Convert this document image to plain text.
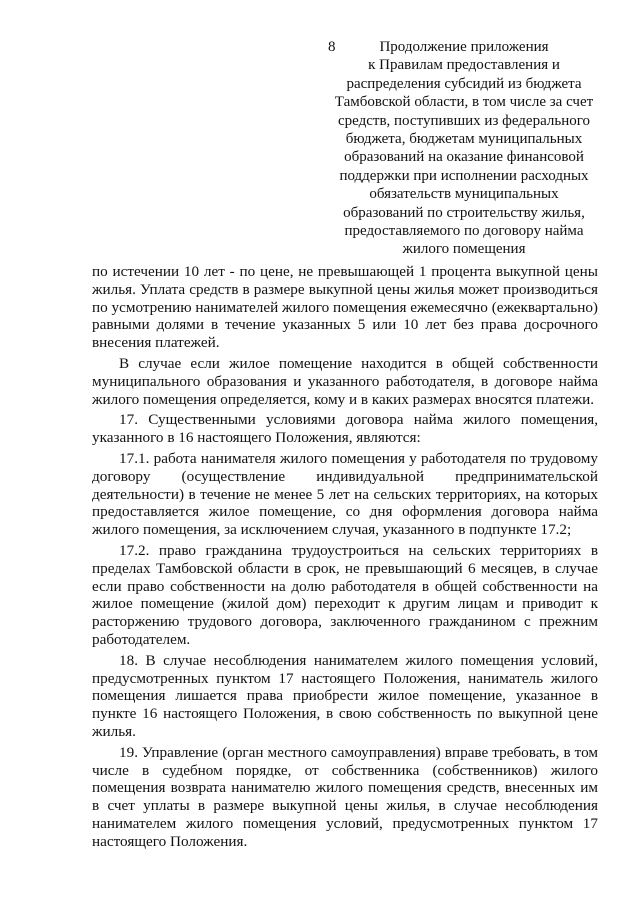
8	Продолжение приложения
к Правилам предоставления и
распределения субсидий из бюджета
Тамбовской области, в том числе за счет
средств, поступивших из федерального
бюджета, бюджетам муниципальных
образований на оказание финансовой
поддержки при исполнении расходных
обязательств муниципальных
образований по строительству жилья,
предоставляемого по договору найма
жилого помещения

по истечении 10 лет - по цене, не превышающей 1 процента выкупной цены жилья. Уплата средств в размере выкупной цены жилья может производиться по усмотрению нанимателей жилого помещения ежемесячно (ежеквартально) равными долями в течение указанных 5 или 10 лет без права досрочного внесения платежей.

В случае если жилое помещение находится в общей собственности муниципального образования и указанного работодателя, в договоре найма жилого помещения определяется, кому и в каких размерах вносятся платежи.

17. Существенными условиями договора найма жилого помещения, указанного в 16 настоящего Положения, являются:

17.1. работа нанимателя жилого помещения у работодателя по трудовому договору (осуществление индивидуальной предпринимательской деятельности) в течение не менее 5 лет на сельских территориях, на которых предоставляется жилое помещение, со дня оформления договора найма жилого помещения, за исключением случая, указанного в подпункте 17.2;

17.2. право гражданина трудоустроиться на сельских территориях в пределах Тамбовской области в срок, не превышающий 6 месяцев, в случае если право собственности на долю работодателя в общей собственности на жилое помещение (жилой дом) переходит к другим лицам и приводит к расторжению трудового договора, заключенного гражданином с прежним работодателем.

18. В случае несоблюдения нанимателем жилого помещения условий, предусмотренных пунктом 17 настоящего Положения, наниматель жилого помещения лишается права приобрести жилое помещение, указанное в пункте 16 настоящего Положения, в свою собственность по выкупной цене жилья.

19. Управление (орган местного самоуправления) вправе требовать, в том числе в судебном порядке, от собственника (собственников) жилого помещения возврата нанимателю жилого помещения средств, внесенных им в счет уплаты в размере выкупной цены жилья, в случае несоблюдения нанимателем жилого помещения условий, предусмотренных пунктом 17 настоящего Положения.
